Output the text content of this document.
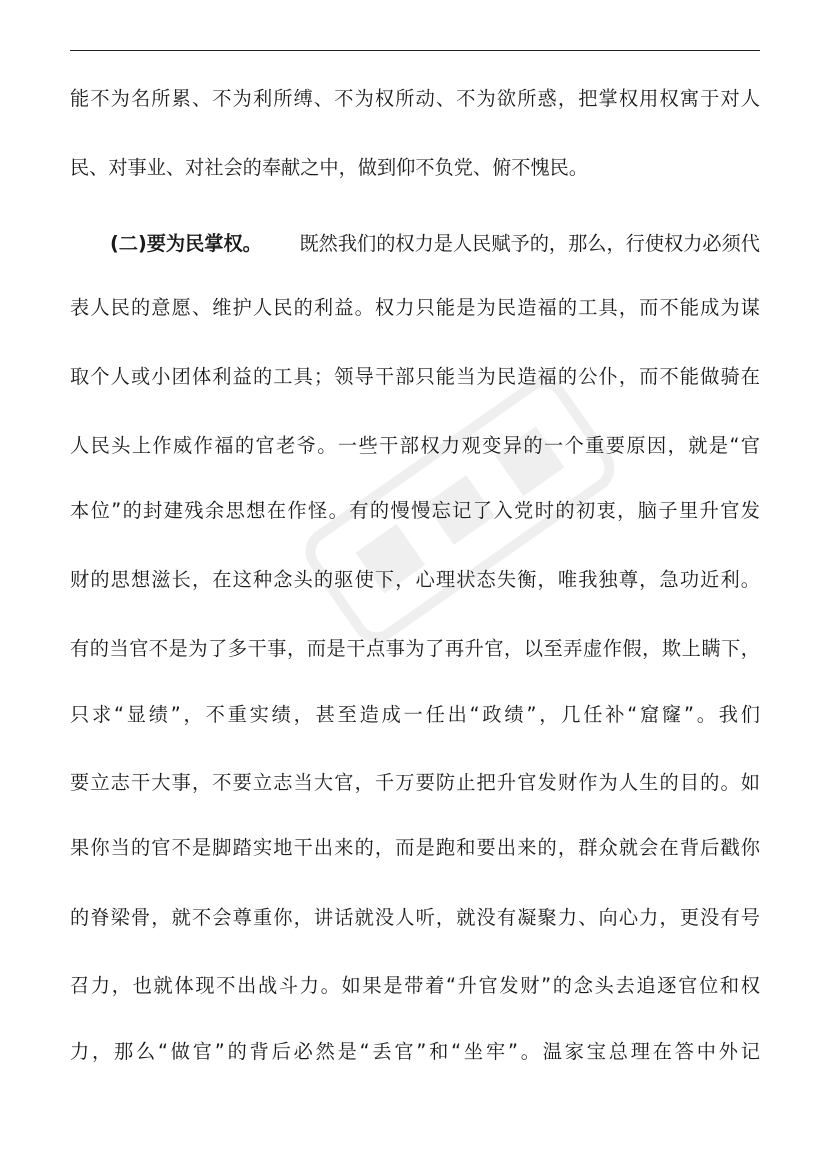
能不为名所累、不为利所缚、不为权所动、不为欲所惑，把掌权用权寓于对人
民、对事业、对社会的奉献之中，做到仰不负党、俯不愧民。
(二)要为民掌权。 既然我们的权力是人民赋予的，那么，行使权力必须代
表人民的意愿、维护人民的利益。权力只能是为民造福的工具，而不能成为谋
取个人或小团体利益的工具；领导干部只能当为民造福的公仆，而不能做骑在
人民头上作威作福的官老爷。一些干部权力观变异的一个重要原因，就是“官
本位”的封建残余思想在作怪。有的慢慢忘记了入党时的初衷，脑子里升官发
财的思想滋长，在这种念头的驱使下，心理状态失衡，唯我独尊，急功近利。
有的当官不是为了多干事，而是干点事为了再升官，以至弄虚作假，欺上瞒下，
只求“显绩”，不重实绩，甚至造成一任出“政绩”，几任补“窟窿”。我们
要立志干大事，不要立志当大官，千万要防止把升官发财作为人生的目的。如
果你当的官不是脚踏实地干出来的，而是跑和要出来的，群众就会在背后戳你
的脊梁骨，就不会尊重你，讲话就没人听，就没有凝聚力、向心力，更没有号
召力，也就体现不出战斗力。如果是带着“升官发财”的念头去追逐官位和权
力，那么“做官”的背后必然是“丢官”和“坐牢”。温家宝总理在答中外记
